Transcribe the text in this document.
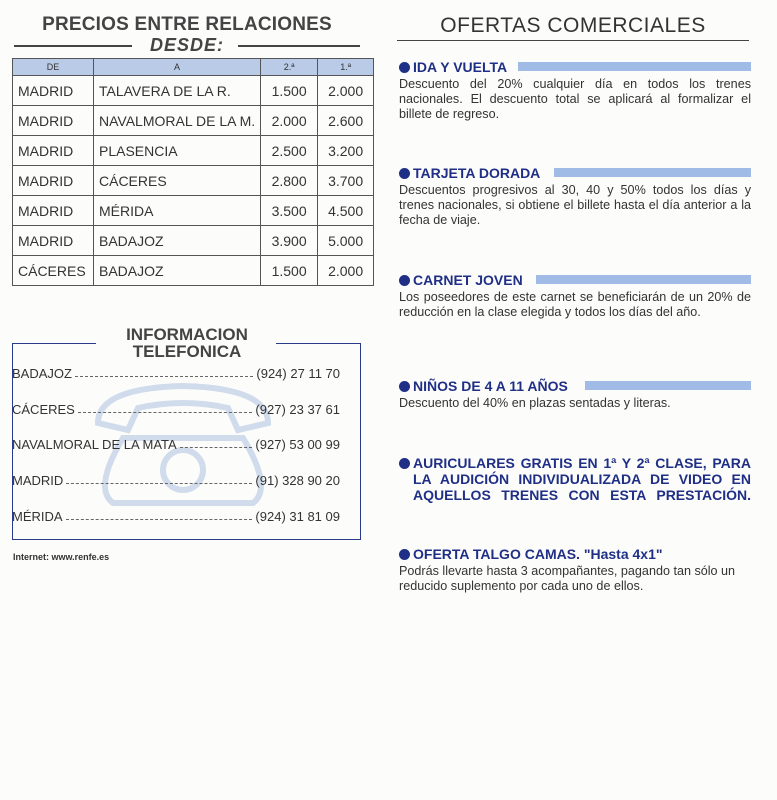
PRECIOS ENTRE RELACIONES
DESDE:
DE	A	2.ª	1.ª
MADRID	TALAVERA DE LA R.	1.500	2.000
MADRID	NAVALMORAL DE LA M.	2.000	2.600
MADRID	PLASENCIA	2.500	3.200
MADRID	CÁCERES	2.800	3.700
MADRID	MÉRIDA	3.500	4.500
MADRID	BADAJOZ	3.900	5.000
CÁCERES	BADAJOZ	1.500	2.000
INFORMACION
TELEFONICA
BADAJOZ	(924) 27 11 70
CÁCERES	(927) 23 37 61
NAVALMORAL DE LA MATA	(927) 53 00 99
MADRID	(91) 328 90 20
MÉRIDA	(924) 31 81 09
Internet: www.renfe.es
OFERTAS COMERCIALES
IDA Y VUELTA
Descuento del 20% cualquier día en todos los trenes nacionales. El descuento total se aplicará al formalizar el billete de regreso.
TARJETA DORADA
Descuentos progresivos al 30, 40 y 50% todos los días y trenes nacionales, si obtiene el billete hasta el día anterior a la fecha de viaje.
CARNET JOVEN
Los poseedores de este carnet se beneficiarán de un 20% de reducción en la clase elegida y todos los días del año.
NIÑOS DE 4 A 11 AÑOS
Descuento del 40% en plazas sentadas y literas.
AURICULARES GRATIS EN 1ª Y 2ª CLASE, PARA
LA AUDICIÓN INDIVIDUALIZADA DE VIDEO EN
AQUELLOS TRENES CON ESTA PRESTACIÓN.
OFERTA TALGO CAMAS. "Hasta 4x1"
Podrás llevarte hasta 3 acompañantes, pagando tan sólo un reducido suplemento por cada uno de ellos.
